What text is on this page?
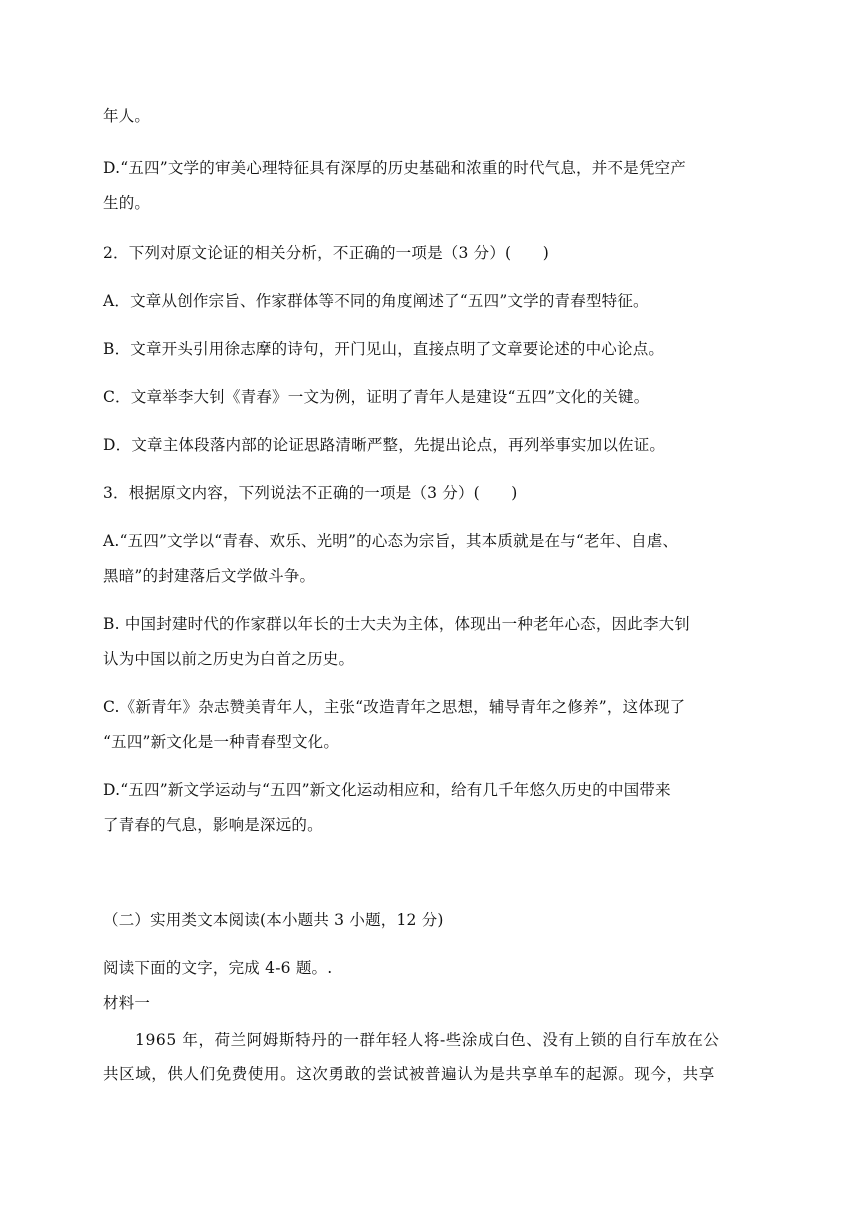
年人。
D.“五四”文学的审美心理特征具有深厚的历史基础和浓重的时代气息，并不是凭空产
生的。
2．下列对原文论证的相关分析，不正确的一项是（3 分）(　　)
A．文章从创作宗旨、作家群体等不同的角度阐述了“五四”文学的青春型特征。
B．文章开头引用徐志摩的诗句，开门见山，直接点明了文章要论述的中心论点。
C．文章举李大钊《青春》一文为例，证明了青年人是建设“五四”文化的关键。
D．文章主体段落内部的论证思路清晰严整，先提出论点，再列举事实加以佐证。
3．根据原文内容，下列说法不正确的一项是（3 分）(　　)
A.“五四”文学以“青春、欢乐、光明”的心态为宗旨，其本质就是在与“老年、自虐、
黑暗”的封建落后文学做斗争。
B. 中国封建时代的作家群以年长的士大夫为主体，体现出一种老年心态，因此李大钊
认为中国以前之历史为白首之历史。
C.《新青年》杂志赞美青年人，主张“改造青年之思想，辅导青年之修养”，这体现了
“五四”新文化是一种青春型文化。
D.“五四”新文学运动与“五四”新文化运动相应和，给有几千年悠久历史的中国带来
了青春的气息，影响是深远的。
（二）实用类文本阅读(本小题共 3 小题，12 分)
阅读下面的文字，完成 4-6 题。.
材料一
1965 年，荷兰阿姆斯特丹的一群年轻人将-些涂成白色、没有上锁的自行车放在公
共区域，供人们免费使用。这次勇敢的尝试被普遍认为是共享单车的起源。现今，共享
